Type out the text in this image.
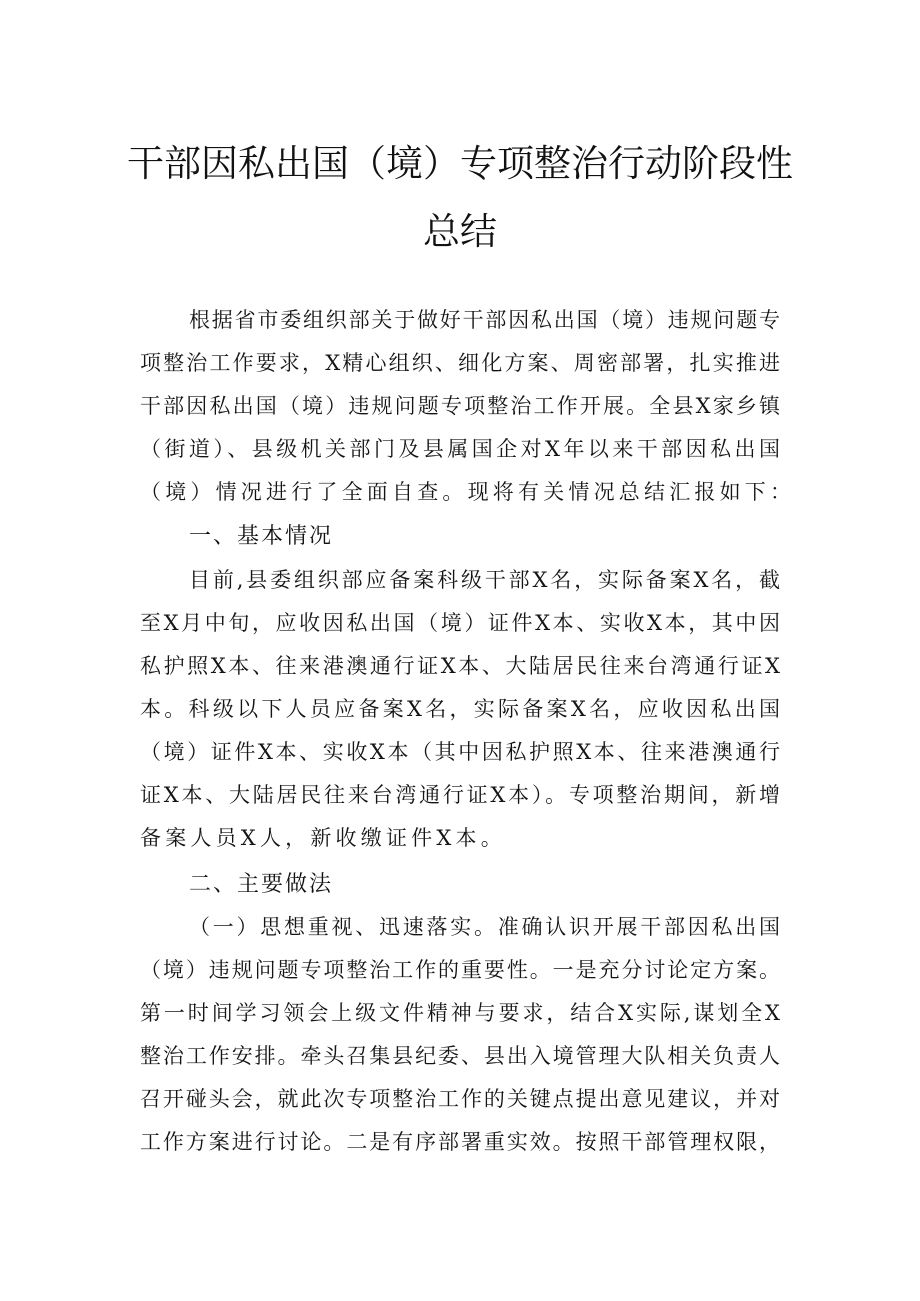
干部因私出国（境）专项整治行动阶段性
总结
根据省市委组织部关于做好干部因私出国（境）违规问题专
项整治工作要求，X精心组织、细化方案、周密部署，扎实推进
干部因私出国（境）违规问题专项整治工作开展。全县X家乡镇
（街道）、县级机关部门及县属国企对X年以来干部因私出国
（境）情况进行了全面自查。现将有关情况总结汇报如下：
一、基本情况
目前,县委组织部应备案科级干部X名，实际备案X名，截
至X月中旬，应收因私出国（境）证件X本、实收X本，其中因
私护照X本、往来港澳通行证X本、大陆居民往来台湾通行证X
本。科级以下人员应备案X名，实际备案X名，应收因私出国
（境）证件X本、实收X本（其中因私护照X本、往来港澳通行
证X本、大陆居民往来台湾通行证X本）。专项整治期间，新增
备案人员X人，新收缴证件X本。
二、主要做法
（一）思想重视、迅速落实。准确认识开展干部因私出国
（境）违规问题专项整治工作的重要性。一是充分讨论定方案。
第一时间学习领会上级文件精神与要求，结合X实际,谋划全X
整治工作安排。牵头召集县纪委、县出入境管理大队相关负责人
召开碰头会，就此次专项整治工作的关键点提出意见建议，并对
工作方案进行讨论。二是有序部署重实效。按照干部管理权限，
